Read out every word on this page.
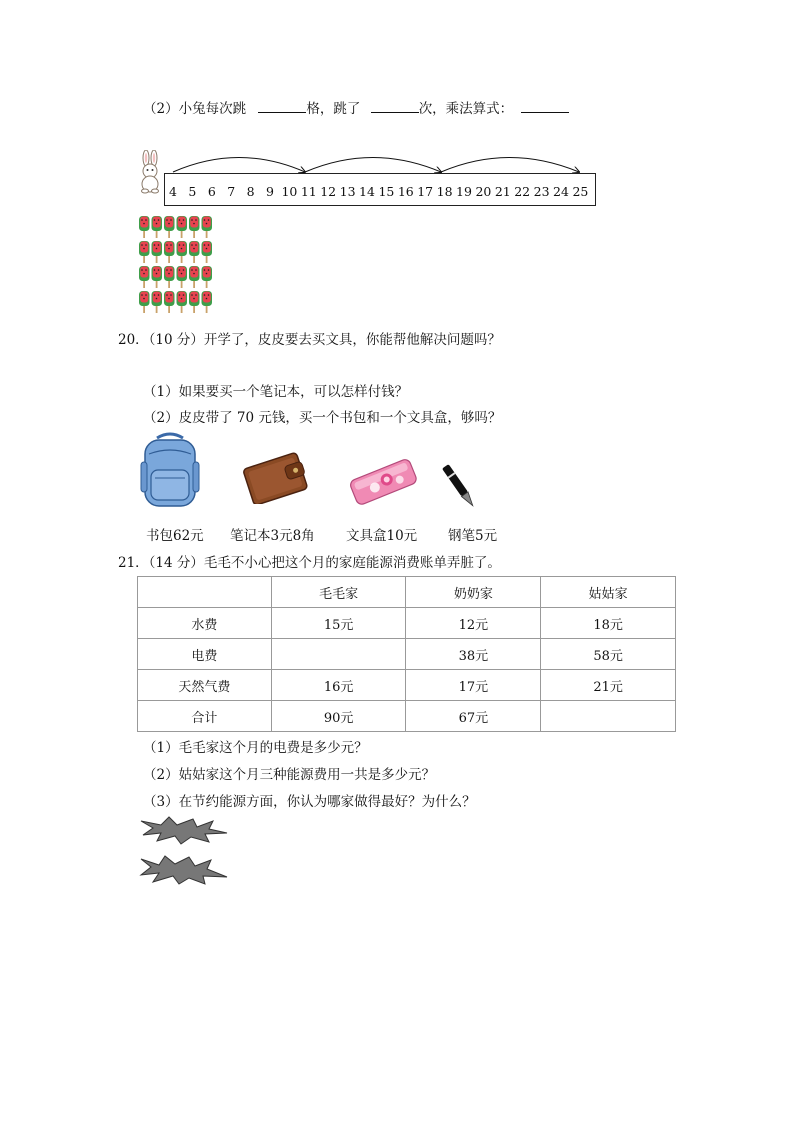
（2）小兔每次跳	格，跳了	次，乘法算式：
4 5 6 7 8 9 10 11 12 13 14 15 16 17 18 19 20 21 22 23 24 25
20．（10 分）开学了，皮皮要去买文具，你能帮他解决问题吗？
（1）如果要买一个笔记本，可以怎样付钱？
（2）皮皮带了 70 元钱，买一个书包和一个文具盒，够吗？
书包62元 笔记本3元8角 文具盒10元 钢笔5元
21．（14 分）毛毛不小心把这个月的家庭能源消费账单弄脏了。
	毛毛家	奶奶家	姑姑家
水费	15元	12元	18元
电费		38元	58元
天然气费	16元	17元	21元
合计	90元	67元	
（1）毛毛家这个月的电费是多少元？
（2）姑姑家这个月三种能源费用一共是多少元？
（3）在节约能源方面，你认为哪家做得最好？为什么？
